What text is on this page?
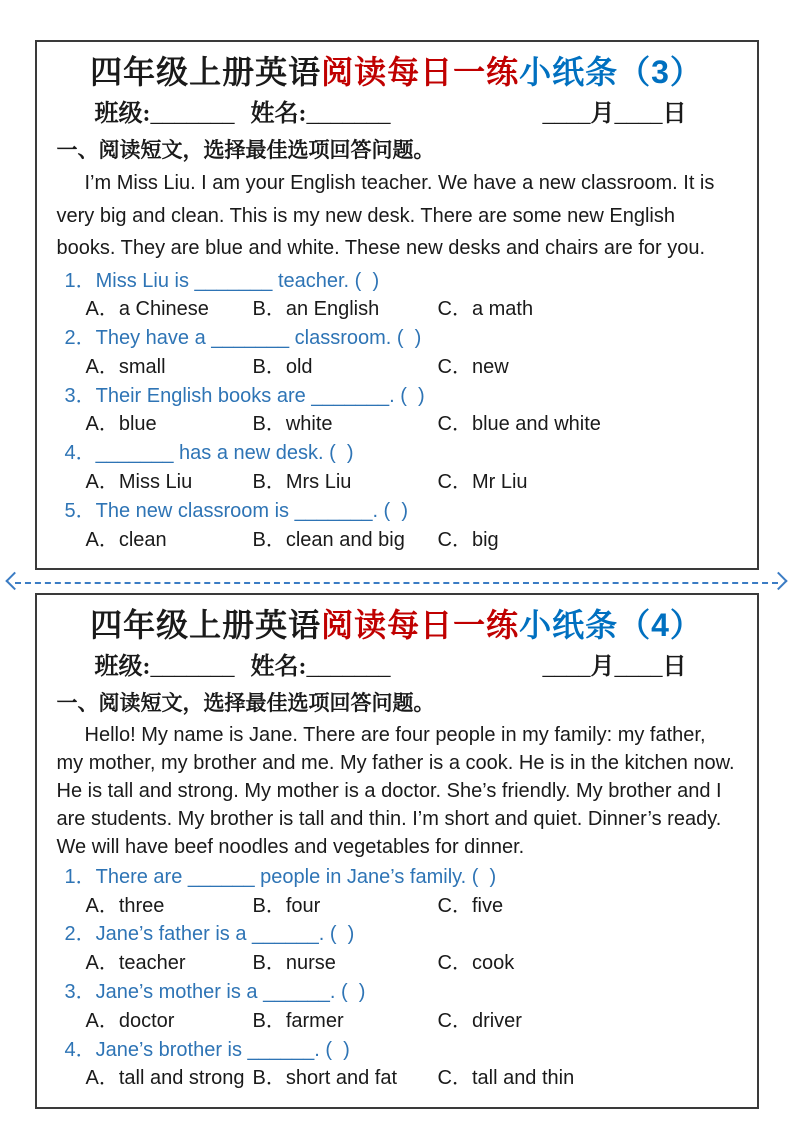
四年级上册英语阅读每日一练小纸条（3）
班级:_______ 姓名:_______	____月____日
一、阅读短文，选择最佳选项回答问题。

I’m Miss Liu. I am your English teacher. We have a new classroom. It is very big and clean. This is my new desk. There are some new English books. They are blue and white. These new desks and chairs are for you.

1．Miss Liu is _______ teacher. (  )
A．a Chinese	B．an English	C．a math
2．They have a _______ classroom. (  )
A．small	B．old	C．new
3．Their English books are _______. (  )
A．blue	B．white	C．blue and white
4．_______ has a new desk. (  )
A．Miss Liu	B．Mrs Liu	C．Mr Liu
5．The new classroom is _______. (  )
A．clean	B．clean and big	C．big
四年级上册英语阅读每日一练小纸条（4）
班级:_______ 姓名:_______	____月____日
一、阅读短文，选择最佳选项回答问题。

Hello! My name is Jane. There are four people in my family: my father, my mother, my brother and me. My father is a cook. He is in the kitchen now. He is tall and strong. My mother is a doctor. She’s friendly. My brother and I are students. My brother is tall and thin. I’m short and quiet. Dinner’s ready. We will have beef noodles and vegetables for dinner.

1．There are ______ people in Jane’s family. (  )
A．three	B．four	C．five
2．Jane’s father is a ______. (  )
A．teacher	B．nurse	C．cook
3．Jane’s mother is a ______. (  )
A．doctor	B．farmer	C．driver
4．Jane’s brother is ______. (  )
A．tall and strong B．short and fat	C．tall and thin
